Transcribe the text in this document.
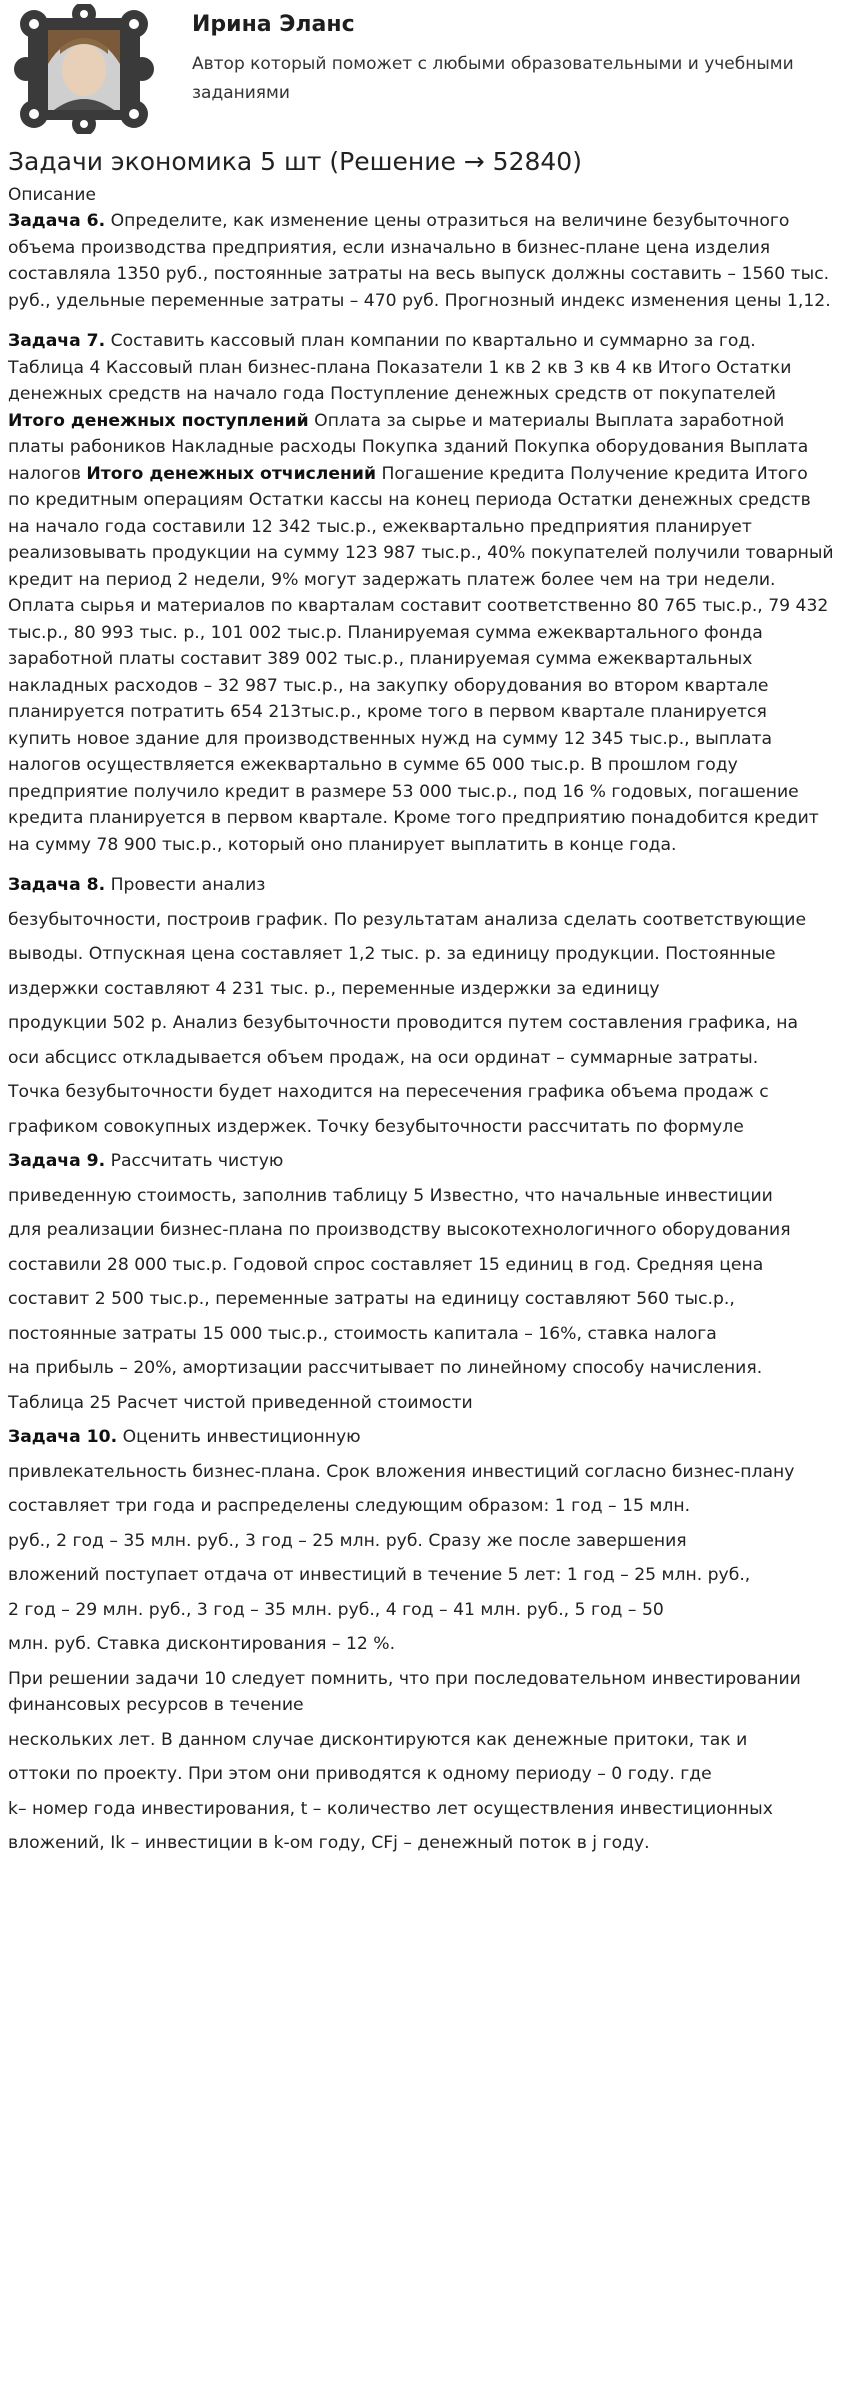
Ирина Эланс
Автор который поможет с любыми образовательными и учебными заданиями
Задачи экономика 5 шт (Решение → 52840)
Описание

Задача 6. Определите, как изменение цены отразиться на величине безубыточного объема производства предприятия, если изначально в бизнес-плане цена изделия составляла 1350 руб., постоянные затраты на весь выпуск должны составить – 1560 тыс. руб., удельные переменные затраты – 470 руб. Прогнозный индекс изменения цены 1,12.

Задача 7. Составить кассовый план компании по квартально и суммарно за год. Таблица 4 Кассовый план бизнес-плана Показатели 1 кв 2 кв 3 кв 4 кв Итого Остатки денежных средств на начало года Поступление денежных средств от покупателей Итого денежных поступлений Оплата за сырье и материалы Выплата заработной платы рабоников Накладные расходы Покупка зданий Покупка оборудования Выплата налогов Итого денежных отчислений Погашение кредита Получение кредита Итого по кредитным операциям Остатки кассы на конец периода Остатки денежных средств на начало года составили 12 342 тыс.р., ежеквартально предприятия планирует реализовывать продукции на сумму 123 987 тыс.р., 40% покупателей получили товарный кредит на период 2 недели, 9% могут задержать платеж более чем на три недели. Оплата сырья и материалов по кварталам составит соответственно 80 765 тыс.р., 79 432 тыс.р., 80 993 тыс. р., 101 002 тыс.р. Планируемая сумма ежеквартального фонда заработной платы составит 389 002 тыс.р., планируемая сумма ежеквартальных накладных расходов – 32 987 тыс.р., на закупку оборудования во втором квартале планируется потратить 654 213тыс.р., кроме того в первом квартале планируется купить новое здание для производственных нужд на сумму 12 345 тыс.р., выплата налогов осуществляется ежеквартально в сумме 65 000 тыс.р. В прошлом году предприятие получило кредит в размере 53 000 тыс.р., под 16 % годовых, погашение кредита планируется в первом квартале. Кроме того предприятию понадобится кредит на сумму 78 900 тыс.р., который оно планирует выплатить в конце года.

Задача 8. Провести анализ

безубыточности, построив график. По результатам анализа сделать соответствующие

выводы. Отпускная цена составляет 1,2 тыс. р. за единицу продукции. Постоянные

издержки составляют 4 231 тыс. р., переменные издержки за единицу

продукции 502 р. Анализ безубыточности проводится путем составления графика, на

оси абсцисс откладывается объем продаж, на оси ординат – суммарные затраты.

Точка безубыточности будет находится на пересечения графика объема продаж с

графиком совокупных издержек. Точку безубыточности рассчитать по формуле

Задача 9. Рассчитать чистую

приведенную стоимость, заполнив таблицу 5 Известно, что начальные инвестиции

для реализации бизнес-плана по производству высокотехнологичного оборудования

составили 28 000 тыс.р. Годовой спрос составляет 15 единиц в год. Средняя цена

составит 2 500 тыс.р., переменные затраты на единицу составляют 560 тыс.р.,

постоянные затраты 15 000 тыс.р., стоимость капитала – 16%, ставка налога

на прибыль – 20%, амортизации рассчитывает по линейному способу начисления.

Таблица 25 Расчет чистой приведенной стоимости

Задача 10. Оценить инвестиционную

привлекательность бизнес-плана. Срок вложения инвестиций согласно бизнес-плану

составляет три года и распределены следующим образом: 1 год – 15 млн.

руб., 2 год – 35 млн. руб., 3 год – 25 млн. руб. Сразу же после завершения

вложений поступает отдача от инвестиций в течение 5 лет: 1 год – 25 млн. руб.,

2 год – 29 млн. руб., 3 год – 35 млн. руб., 4 год – 41 млн. руб., 5 год – 50

млн. руб. Ставка дисконтирования – 12 %.

При решении задачи 10 следует помнить, что при последовательном инвестировании финансовых ресурсов в течение

нескольких лет. В данном случае дисконтируются как денежные притоки, так и

оттоки по проекту. При этом они приводятся к одному периоду – 0 году. где

k– номер года инвестирования, t – количество лет осуществления инвестиционных

вложений, Ik – инвестиции в k-ом году, CFj – денежный поток в j году.
